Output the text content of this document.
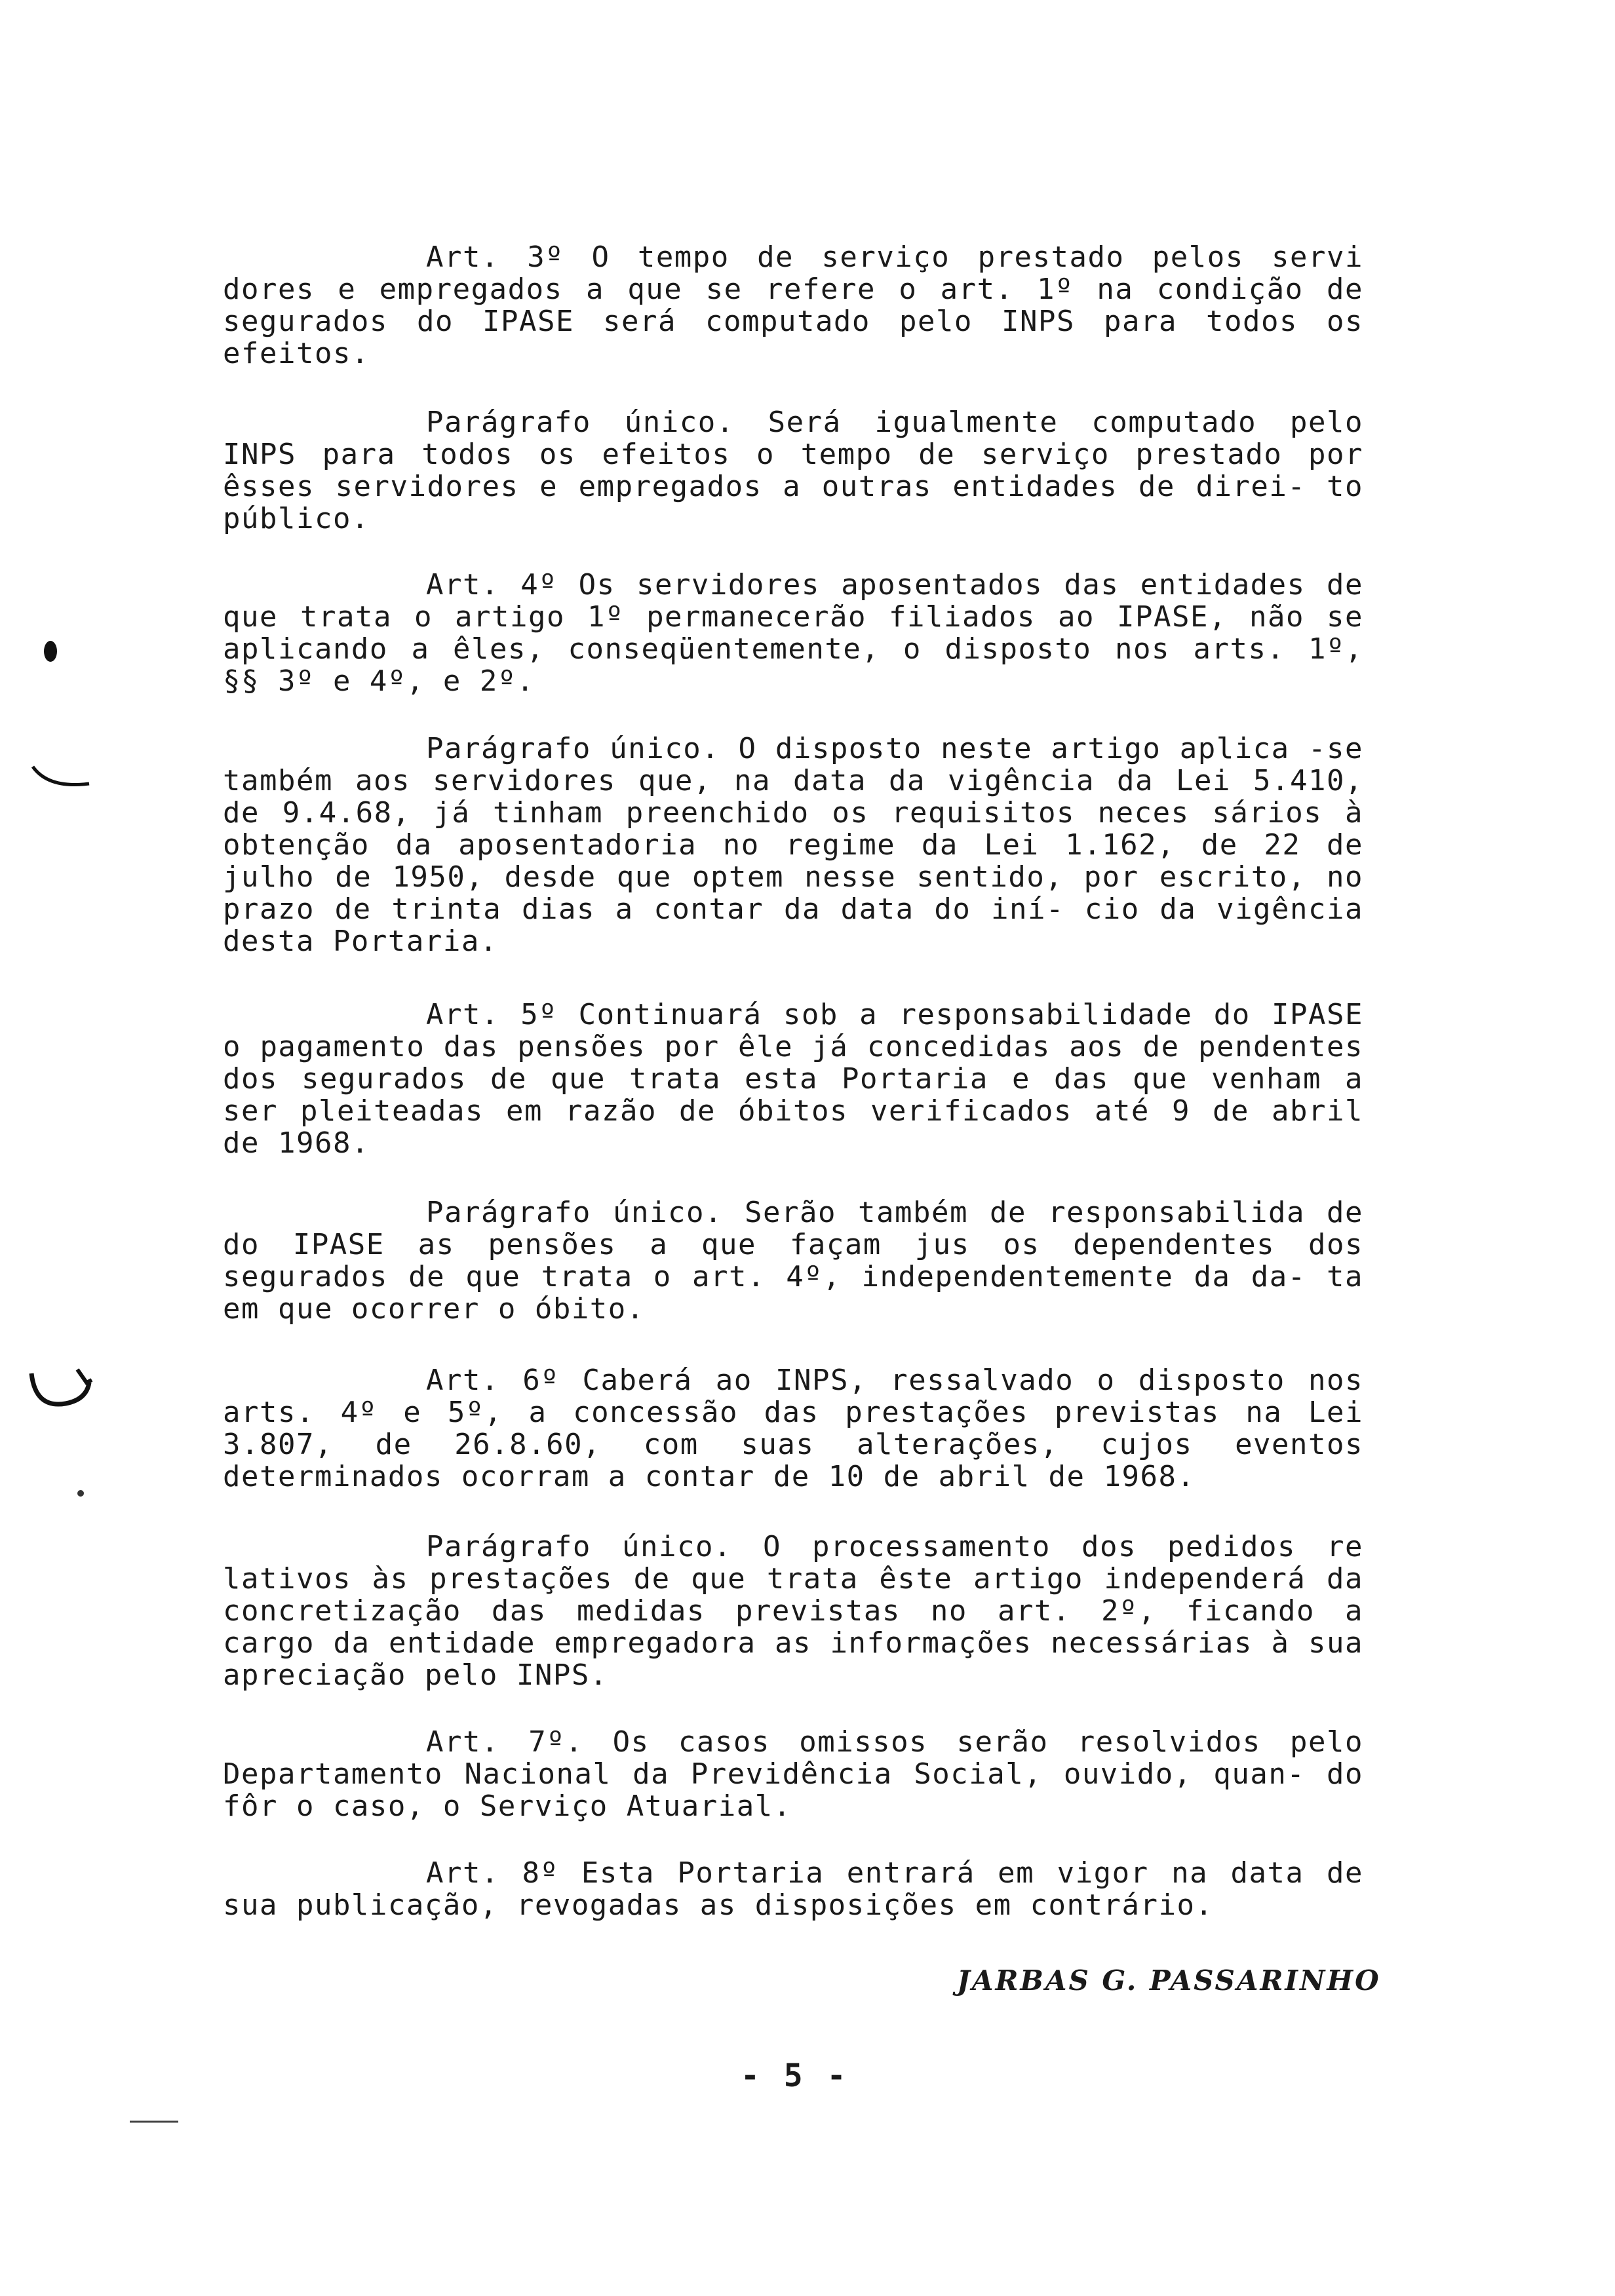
Art. 3º O tempo de serviço prestado pelos servi dores e empregados a que se refere o art. 1º na condição de segurados do IPASE será computado pelo INPS para todos os efeitos.
Parágrafo único. Será igualmente computado pelo INPS para todos os efeitos o tempo de serviço prestado por êsses servidores e empregados a outras entidades de direi- to público.
Art. 4º Os servidores aposentados das entidades de que trata o artigo 1º permanecerão filiados ao IPASE, não se aplicando a êles, conseqüentemente, o disposto nos arts. 1º, §§ 3º e 4º, e 2º.
Parágrafo único. O disposto neste artigo aplica -se também aos servidores que, na data da vigência da Lei 5.410, de 9.4.68, já tinham preenchido os requisitos neces sários à obtenção da aposentadoria no regime da Lei 1.162, de 22 de julho de 1950, desde que optem nesse sentido, por escrito, no prazo de trinta dias a contar da data do iní- cio da vigência desta Portaria.
Art. 5º Continuará sob a responsabilidade do IPASE o pagamento das pensões por êle já concedidas aos de pendentes dos segurados de que trata esta Portaria e das que venham a ser pleiteadas em razão de óbitos verificados até 9 de abril de 1968.
Parágrafo único. Serão também de responsabilida de do IPASE as pensões a que façam jus os dependentes dos segurados de que trata o art. 4º, independentemente da da- ta em que ocorrer o óbito.
Art. 6º Caberá ao INPS, ressalvado o disposto nos arts. 4º e 5º, a concessão das prestações previstas na Lei 3.807, de 26.8.60, com suas alterações, cujos eventos determinados ocorram a contar de 10 de abril de 1968.
Parágrafo único. O processamento dos pedidos re lativos às prestações de que trata êste artigo independerá da concretização das medidas previstas no art. 2º, ficando a cargo da entidade empregadora as informações necessárias à sua apreciação pelo INPS.
Art. 7º. Os casos omissos serão resolvidos pelo Departamento Nacional da Previdência Social, ouvido, quan- do fôr o caso, o Serviço Atuarial.
Art. 8º Esta Portaria entrará em vigor na data de sua publicação, revogadas as disposições em contrário.
JARBAS G. PASSARINHO
- 5 -
